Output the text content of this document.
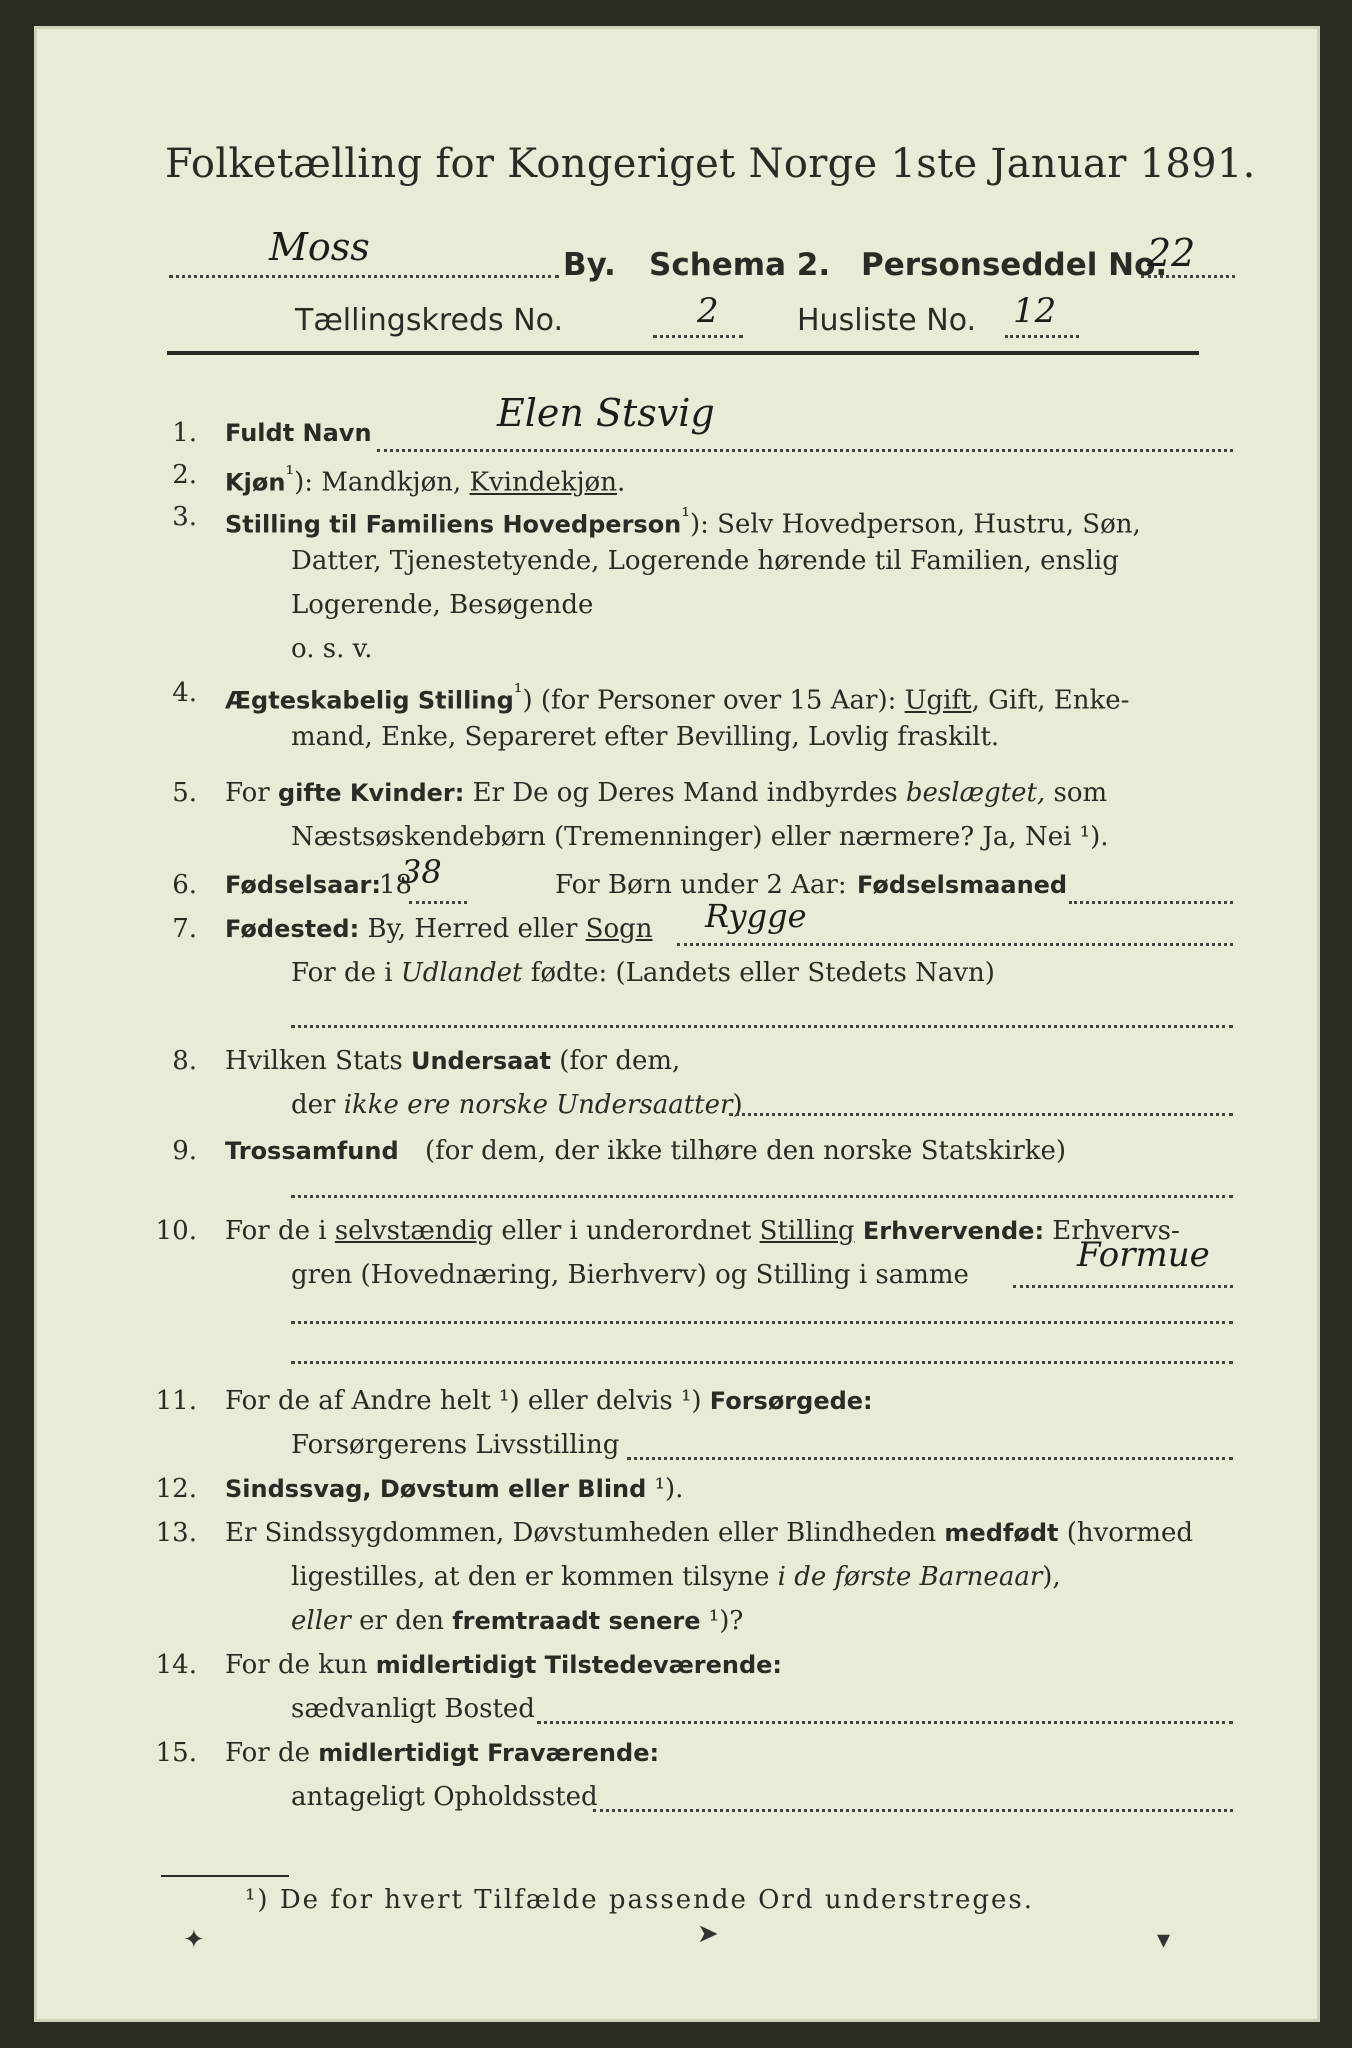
Folketælling for Kongeriget Norge 1ste Januar 1891.
Moss	By. Schema 2. Personseddel No.
22
Tællingskreds No.	2	Husliste No. 12
1. Fuldt Navn	Elen Stsvig
2. Kjøn$^{^1}$): Mandkjøn, Kvindekjøn.
3. Stilling til Familiens Hovedperson$^{^1}$): Selv Hovedperson, Hustru, Søn,
Datter, Tjenestetyende, Logerende hørende til Familien, enslig
Logerende, Besøgende
o. s. v.
4. Ægteskabelig Stilling$^{^1}$) (for Personer over 15 Aar): Ugift, Gift, Enke-
mand, Enke, Separeret efter Bevilling, Lovlig fraskilt.
5. For gifte Kvinder: Er De og Deres Mand indbyrdes beslægtet, som
Næstsøskendebørn (Tremenninger) eller nærmere? Ja, Nei ¹).
6. Fødselsaar:
18	For Børn under 2 Aar: Fødselsmaaned
38
7. Fødested: By, Herred eller Sogn Rygge
For de i Udlandet fødte: (Landets eller Stedets Navn)
8. Hvilken Stats Undersaat (for dem,
der ikke ere norske Undersaatter)
9. Trossamfund (for dem, der ikke tilhøre den norske Statskirke)
10. For de i selvstændig eller i underordnet Stilling Erhvervende: Erhvervs-
gren (Hovednæring, Bierhverv) og Stilling i samme	Formue
11. For de af Andre helt ¹) eller delvis ¹) Forsørgede:
Forsørgerens Livsstilling
12. Sindssvag, Døvstum eller Blind ¹).
13. Er Sindssygdommen, Døvstumheden eller Blindheden medfødt (hvormed
ligestilles, at den er kommen tilsyne i de første Barneaar),
eller er den fremtraadt senere ¹)?
14. For de kun midlertidigt Tilstedeværende:
sædvanligt Bosted
15. For de midlertidigt Fraværende:
antageligt Opholdssted
¹) De for hvert Tilfælde passende Ord understreges.
✦	➤	▾
